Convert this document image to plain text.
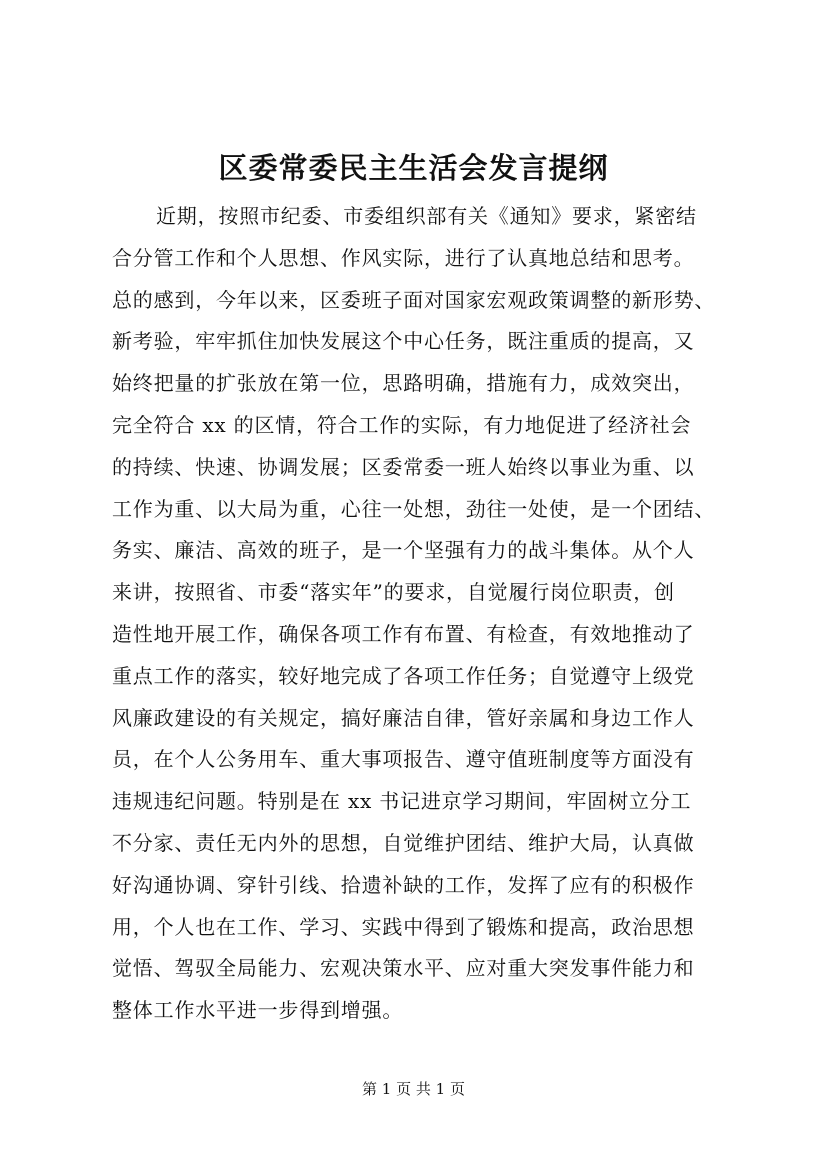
区委常委民主生活会发言提纲
近期，按照市纪委、市委组织部有关《通知》要求，紧密结
合分管工作和个人思想、作风实际，进行了认真地总结和思考。
总的感到，今年以来，区委班子面对国家宏观政策调整的新形势、
新考验，牢牢抓住加快发展这个中心任务，既注重质的提高，又
始终把量的扩张放在第一位，思路明确，措施有力，成效突出，
完全符合 xx 的区情，符合工作的实际，有力地促进了经济社会
的持续、快速、协调发展；区委常委一班人始终以事业为重、以
工作为重、以大局为重，心往一处想，劲往一处使，是一个团结、
务实、廉洁、高效的班子，是一个坚强有力的战斗集体。从个人
来讲，按照省、市委“落实年”的要求，自觉履行岗位职责，创
造性地开展工作，确保各项工作有布置、有检查，有效地推动了
重点工作的落实，较好地完成了各项工作任务；自觉遵守上级党
风廉政建设的有关规定，搞好廉洁自律，管好亲属和身边工作人
员，在个人公务用车、重大事项报告、遵守值班制度等方面没有
违规违纪问题。特别是在 xx 书记进京学习期间，牢固树立分工
不分家、责任无内外的思想，自觉维护团结、维护大局，认真做
好沟通协调、穿针引线、拾遗补缺的工作，发挥了应有的积极作
用，个人也在工作、学习、实践中得到了锻炼和提高，政治思想
觉悟、驾驭全局能力、宏观决策水平、应对重大突发事件能力和
整体工作水平进一步得到增强。
第 1 页 共 1 页
